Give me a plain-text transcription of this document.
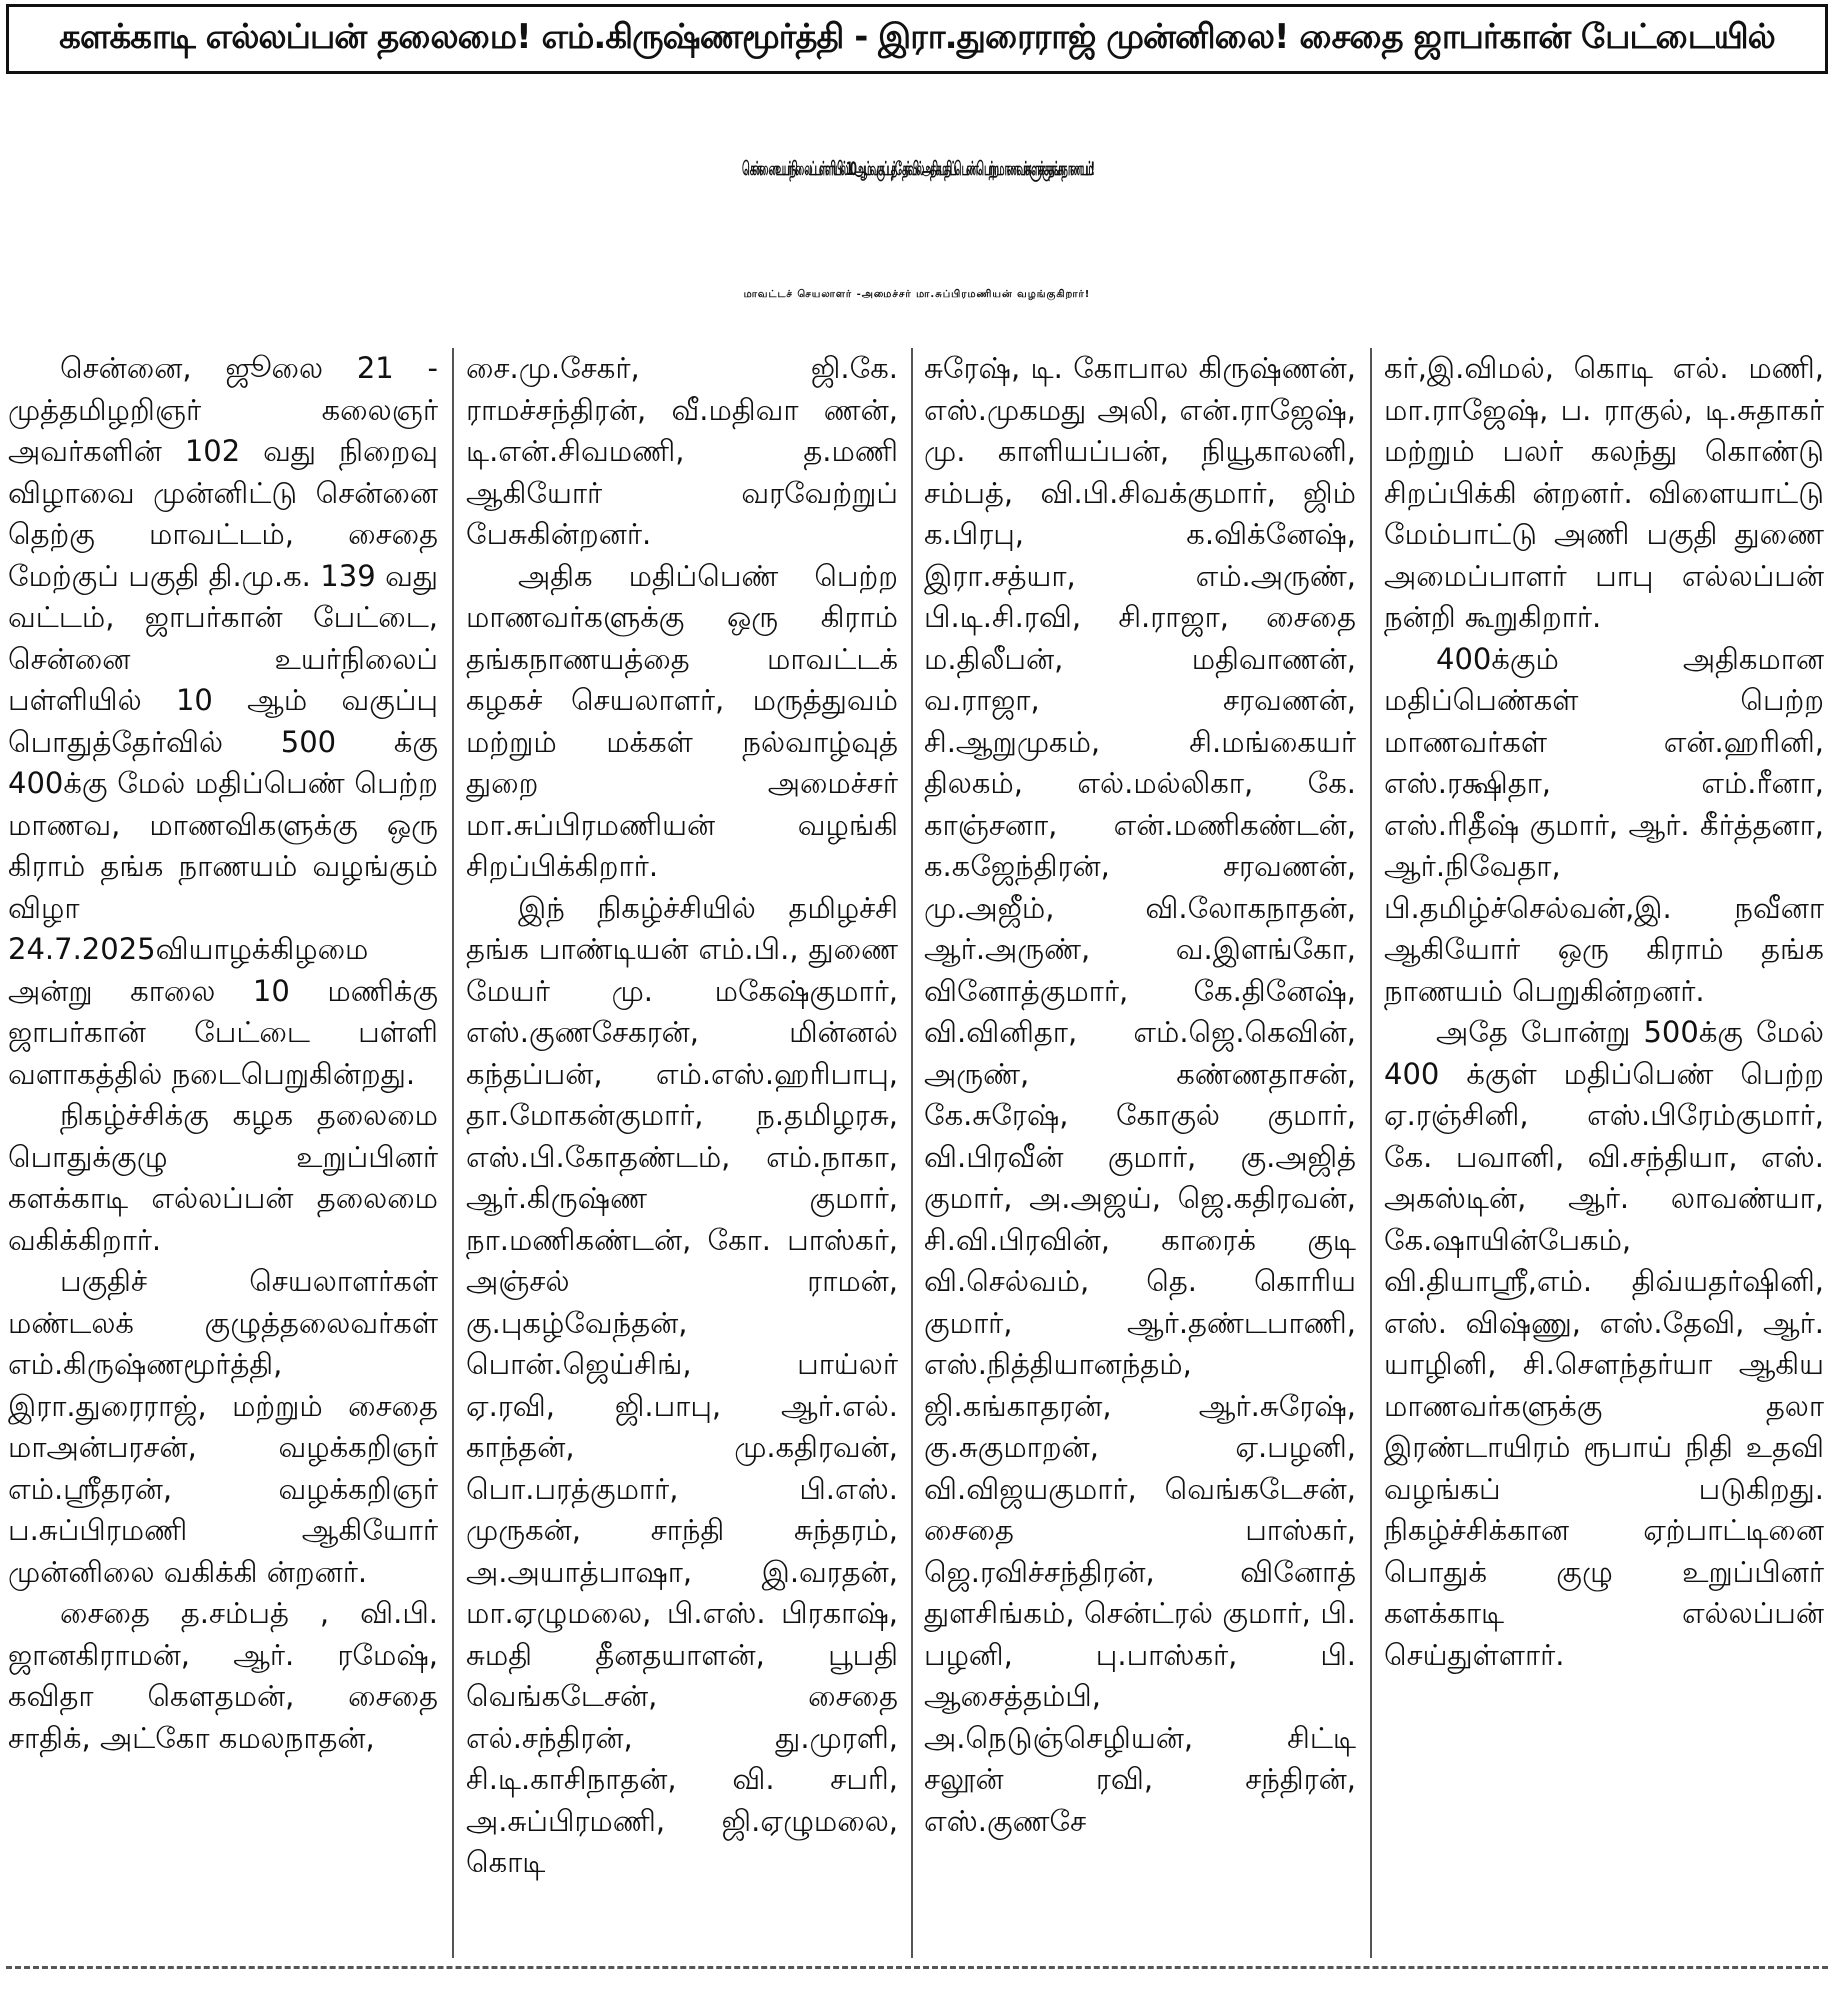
களக்காடி எல்லப்பன் தலைமை! எம்.கிருஷ்ணமூர்த்தி - இரா.துரைராஜ் முன்னிலை! சைதை ஜாபர்கான் பேட்டையில்
சென்னை உயர்நிலைப் பள்ளியில் 10 ஆம் வகுப்புத் தேர்வில் அதிக மதிப்பெண் பெற்ற மாணவர்களுக்கு தங்க நாணயம்!
மாவட்டச் செயலாளர் -அமைச்சர் மா.சுப்பிரமணியன் வழங்குகிறார்!

சென்னை, ஜூலை 21 - முத்தமிழறிஞர் கலைஞர் அவர்களின் 102 வது நிறைவு விழாவை முன்னிட்டு சென்னை தெற்கு மாவட்டம், சைதை மேற்குப் பகுதி தி.மு.க. 139 வது வட்டம், ஜாபர்கான் பேட்டை, சென்னை உயர்நிலைப் பள்ளியில் 10 ஆம் வகுப்பு பொதுத்தேர்வில் 500 க்கு 400க்கு மேல் மதிப்பெண் பெற்ற மாணவ, மாணவிகளுக்கு ஒரு கிராம் தங்க நாணயம் வழங்கும் விழா 24.7.2025வியாழக்கிழமை அன்று காலை 10 மணிக்கு ஜாபர்கான் பேட்டை பள்ளி வளாகத்தில் நடைபெறுகின்றது.

நிகழ்ச்சிக்கு கழக தலைமை பொதுக்குழு உறுப்பினர் களக்காடி எல்லப்பன் தலைமை வகிக்கிறார்.

பகுதிச் செயலாளர்கள் மண்டலக் குழுத்தலைவர்கள் எம்.கிருஷ்ணமூர்த்தி, இரா.துரைராஜ், மற்றும் சைதை மாஅன்பரசன், வழக்கறிஞர் எம்.ஸ்ரீதரன், வழக்கறிஞர் ப.சுப்பிரமணி ஆகியோர் முன்னிலை வகிக்கி ன்றனர்.

சைதை த.சம்பத் , வி.பி. ஜானகிராமன், ஆர். ரமேஷ், கவிதா கௌதமன், சைதை சாதிக், அட்கோ கமலநாதன்,

சை.மு.சேகர், ஜி.கே. ராமச்சந்திரன், வீ.மதிவா ணன், டி.என்.சிவமணி, த.மணி ஆகியோர் வரவேற்றுப் பேசுகின்றனர்.

அதிக மதிப்பெண் பெற்ற மாணவர்களுக்கு ஒரு கிராம் தங்கநாணயத்தை மாவட்டக் கழகச் செயலாளர், மருத்துவம் மற்றும் மக்கள் நல்வாழ்வுத் துறை அமைச்சர் மா.சுப்பிரமணியன் வழங்கி சிறப்பிக்கிறார்.

இந் நிகழ்ச்சியில் தமிழச்சி தங்க பாண்டியன் எம்.பி., துணை மேயர் மு. மகேஷ்குமார், எஸ்.குணசேகரன், மின்னல் கந்தப்பன், எம்.எஸ்.ஹரிபாபு, தா.மோகன்குமார், ந.தமிழரசு, எஸ்.பி.கோதண்டம், எம்.நாகா, ஆர்.கிருஷ்ண குமார், நா.மணிகண்டன், கோ. பாஸ்கர், அஞ்சல் ராமன், கு.புகழ்வேந்தன், பொன்.ஜெய்சிங், பாய்லர் ஏ.ரவி, ஜி.பாபு, ஆர்.எல். காந்தன், மு.கதிரவன், பொ.பரத்குமார், பி.எஸ். முருகன், சாந்தி சுந்தரம், அ.அயாத்பாஷா, இ.வரதன், மா.ஏழுமலை, பி.எஸ். பிரகாஷ், சுமதி தீனதயாளன், பூபதி வெங்கடேசன், சைதை எல்.சந்திரன், து.முரளி, சி.டி.காசிநாதன், வி. சபரி, அ.சுப்பிரமணி, ஜி.ஏழுமலை, கொடி

சுரேஷ், டி. கோபால கிருஷ்ணன், எஸ்.முகமது அலி, என்.ராஜேஷ், மு. காளியப்பன், நியூகாலனி, சம்பத், வி.பி.சிவக்குமார், ஜிம் க.பிரபு, க.விக்னேஷ், இரா.சத்யா, எம்.அருண், பி.டி.சி.ரவி, சி.ராஜா, சைதை ம.திலீபன், மதிவாணன், வ.ராஜா, சரவணன், சி.ஆறுமுகம், சி.மங்கையர் திலகம், எல்.மல்லிகா, கே. காஞ்சனா, என்.மணிகண்டன், க.கஜேந்திரன், சரவணன், மு.அஜீம், வி.லோகநாதன், ஆர்.அருண், வ.இளங்கோ, வினோத்குமார், கே.தினேஷ், வி.வினிதா, எம்.ஜெ.கெவின், அருண், கண்ணதாசன், கே.சுரேஷ், கோகுல் குமார், வி.பிரவீன் குமார், கு.அஜித் குமார், அ.அஜய், ஜெ.கதிரவன், சி.வி.பிரவின், காரைக் குடி வி.செல்வம், தெ. கொரிய குமார், ஆர்.தண்டபாணி, எஸ்.நித்தியானந்தம், ஜி.கங்காதரன், ஆர்.சுரேஷ், கு.சுகுமாறன், ஏ.பழனி, வி.விஜயகுமார், வெங்கடேசன், சைதை பாஸ்கர், ஜெ.ரவிச்சந்திரன், வினோத் துளசிங்கம், சென்ட்ரல் குமார், பி. பழனி, பு.பாஸ்கர், பி. ஆசைத்தம்பி, அ.நெடுஞ்செழியன், சிட்டி சலூன் ரவி, சந்திரன், எஸ்.குணசே

கர்,இ.விமல், கொடி எல். மணி, மா.ராஜேஷ், ப. ராகுல், டி.சுதாகர் மற்றும் பலர் கலந்து கொண்டு சிறப்பிக்கி ன்றனர். விளையாட்டு மேம்பாட்டு அணி பகுதி துணை அமைப்பாளர் பாபு எல்லப்பன் நன்றி கூறுகிறார்.

400க்கும் அதிகமான மதிப்பெண்கள் பெற்ற மாணவர்கள் என்.ஹரினி, எஸ்.ரக்ஷிதா, எம்.ரீனா, எஸ்.ரிதீஷ் குமார், ஆர். கீர்த்தனா, ஆர்.நிவேதா, பி.தமிழ்ச்செல்வன்,இ. நவீனா ஆகியோர் ஒரு கிராம் தங்க நாணயம் பெறுகின்றனர்.

அதே போன்று 500க்கு மேல் 400 க்குள் மதிப்பெண் பெற்ற ஏ.ரஞ்சினி, எஸ்.பிரேம்குமார், கே. பவானி, வி.சந்தியா, எஸ். அகஸ்டின், ஆர். லாவண்யா, கே.ஷாயின்பேகம், வி.தியாஸ்ரீ,எம். திவ்யதர்ஷினி, எஸ். விஷ்ணு, எஸ்.தேவி, ஆர். யாழினி, சி.சௌந்தர்யா ஆகிய மாணவர்களுக்கு தலா இரண்டாயிரம் ரூபாய் நிதி உதவி வழங்கப் படுகிறது. நிகழ்ச்சிக்கான ஏற்பாட்டினை பொதுக் குழு உறுப்பினர் களக்காடி எல்லப்பன் செய்துள்ளார்.
